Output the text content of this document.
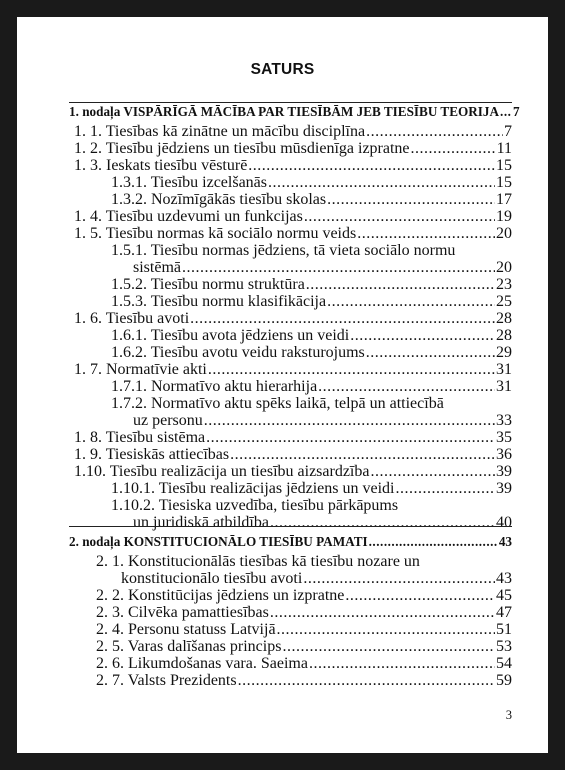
SATURS
1. nodaļa VISPĀRĪGĀ MĀCĪBA PAR TIESĪBĀM JEB TIESĪBU TEORIJA ..... 7
1. 1. Tiesības kā zinātne un mācību disciplīna .....	7
1. 2. Tiesību jēdziens un tiesību mūsdienīga izpratne .....	11
1. 3. Ieskats tiesību vēsturē .....	15
1.3.1. Tiesību izcelšanās .....	15
1.3.2. Nozīmīgākās tiesību skolas .....	17
1. 4. Tiesību uzdevumi un funkcijas .....	19
1. 5. Tiesību normas kā sociālo normu veids .....	20
1.5.1. Tiesību normas jēdziens, tā vieta sociālo normu
sistēmā .....	20
1.5.2. Tiesību normu struktūra .....	23
1.5.3. Tiesību normu klasifikācija .....	25
1. 6. Tiesību avoti .....	28
1.6.1. Tiesību avota jēdziens un veidi .....	28
1.6.2. Tiesību avotu veidu raksturojums .....	29
1. 7. Normatīvie akti .....	31
1.7.1. Normatīvo aktu hierarhija .....	31
1.7.2. Normatīvo aktu spēks laikā, telpā un attiecībā
uz personu .....	33
1. 8. Tiesību sistēma .....	35
1. 9. Tiesiskās attiecības .....	36
1.10. Tiesību realizācija un tiesību aizsardzība .....	39
1.10.1. Tiesību realizācijas jēdziens un veidi .....	39
1.10.2. Tiesiska uzvedība, tiesību pārkāpums
un juridiskā atbildība .....	40
2. nodaļa KONSTITUCIONĀLO TIESĪBU PAMATI .....	43
2. 1. Konstitucionālās tiesības kā tiesību nozare un
konstitucionālo tiesību avoti .....	43
2. 2. Konstitūcijas jēdziens un izpratne .....	45
2. 3. Cilvēka pamattiesības .....	47
2. 4. Personu statuss Latvijā .....	51
2. 5. Varas dalīšanas princips .....	53
2. 6. Likumdošanas vara. Saeima .....	54
2. 7. Valsts Prezidents .....	59
3
